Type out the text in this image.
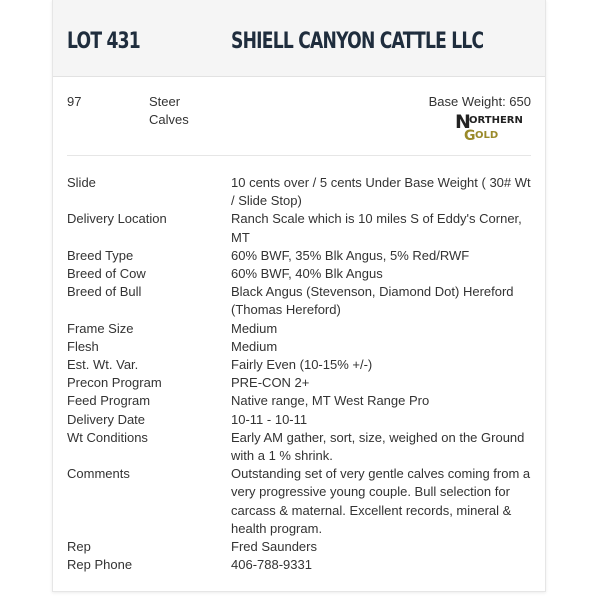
LOT 431	SHIELL CANYON CATTLE LLC
97	Steer
Calves
Base Weight: 650
N
ORTHERN
G OLD
Slide	10 cents over / 5 cents Under Base Weight ( 30# Wt / Slide Stop)
Delivery Location	Ranch Scale which is 10 miles S of Eddy's Corner, MT
Breed Type	60% BWF, 35% Blk Angus, 5% Red/RWF
Breed of Cow	60% BWF, 40% Blk Angus
Breed of Bull	Black Angus (Stevenson, Diamond Dot) Hereford (Thomas Hereford)
Frame Size	Medium
Flesh	Medium
Est. Wt. Var.	Fairly Even (10-15% +/-)
Precon Program	PRE-CON 2+
Feed Program	Native range, MT West Range Pro
Delivery Date	10-11 - 10-11
Wt Conditions	Early AM gather, sort, size, weighed on the Ground with a 1 % shrink.
Comments	Outstanding set of very gentle calves coming from a very progressive young couple. Bull selection for carcass & maternal. Excellent records, mineral & health program.
Rep	Fred Saunders
Rep Phone	406-788-9331
